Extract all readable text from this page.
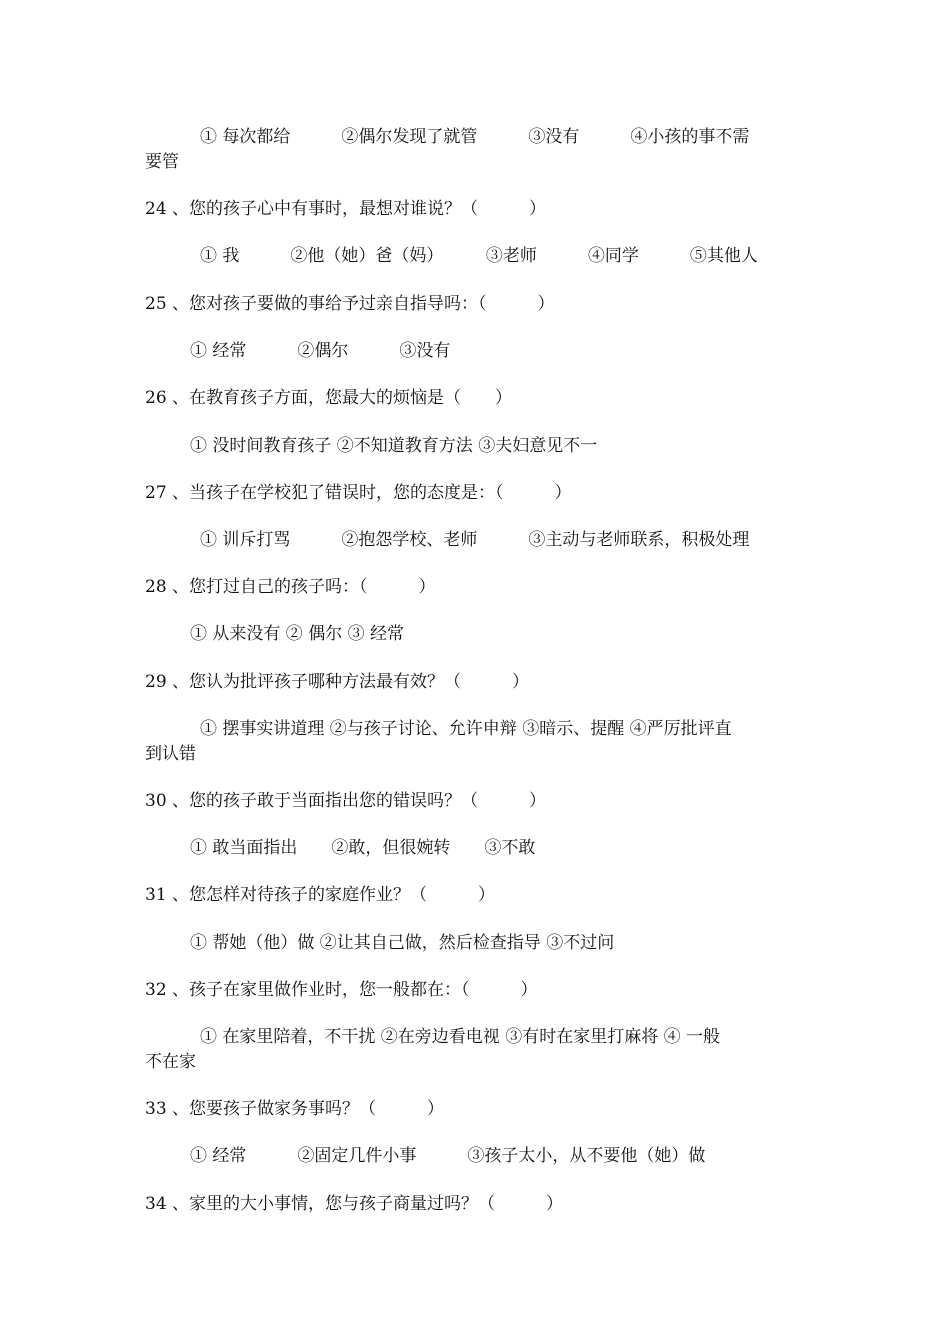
① 每次都给　　　②偶尔发现了就管　　　③没有　　　④小孩的事不需
要管
24 、您的孩子心中有事时，最想对谁说？（　　　）
① 我　　　②他（她）爸（妈）　　　③老师　　　④同学　　　⑤其他人
25 、您对孩子要做的事给予过亲自指导吗：（　　　）
① 经常　　　②偶尔　　　③没有
26 、在教育孩子方面，您最大的烦恼是（　　）
① 没时间教育孩子 ②不知道教育方法 ③夫妇意见不一
27 、当孩子在学校犯了错误时，您的态度是：（　　　）
① 训斥打骂　　　②抱怨学校、老师　　　③主动与老师联系，积极处理
28 、您打过自己的孩子吗：（　　　）
① 从来没有 ② 偶尔 ③ 经常
29 、您认为批评孩子哪种方法最有效？（　　　）
① 摆事实讲道理 ②与孩子讨论、允许申辩 ③暗示、提醒 ④严厉批评直
到认错
30 、您的孩子敢于当面指出您的错误吗？（　　　）
① 敢当面指出　　②敢，但很婉转　　③不敢
31 、您怎样对待孩子的家庭作业？（　　　）
① 帮她（他）做 ②让其自己做，然后检查指导 ③不过问
32 、孩子在家里做作业时，您一般都在：（　　　）
① 在家里陪着，不干扰 ②在旁边看电视 ③有时在家里打麻将 ④ 一般
不在家
33 、您要孩子做家务事吗？（　　　）
① 经常　　　②固定几件小事　　　③孩子太小，从不要他（她）做
34 、家里的大小事情，您与孩子商量过吗？（　　　）
